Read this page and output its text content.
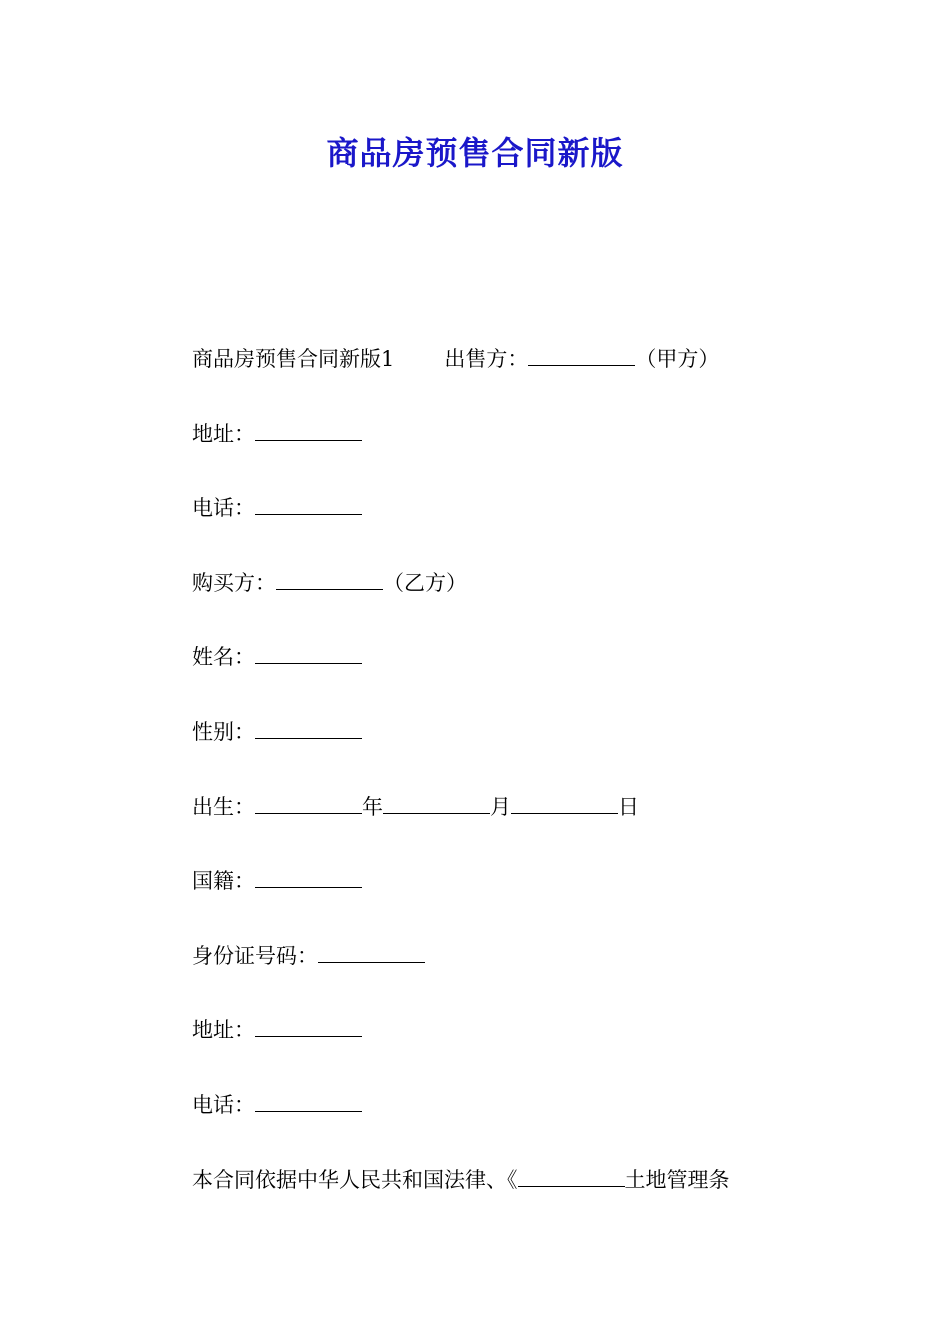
商品房预售合同新版
商品房预售合同新版1 出售方：	（甲方）
地址：
电话：
购买方：	（乙方）
姓名：
性别：
出生：	年	月	日
国籍：
身份证号码：
地址：
电话：
本合同依据中华人民共和国法律、《	土地管理条
